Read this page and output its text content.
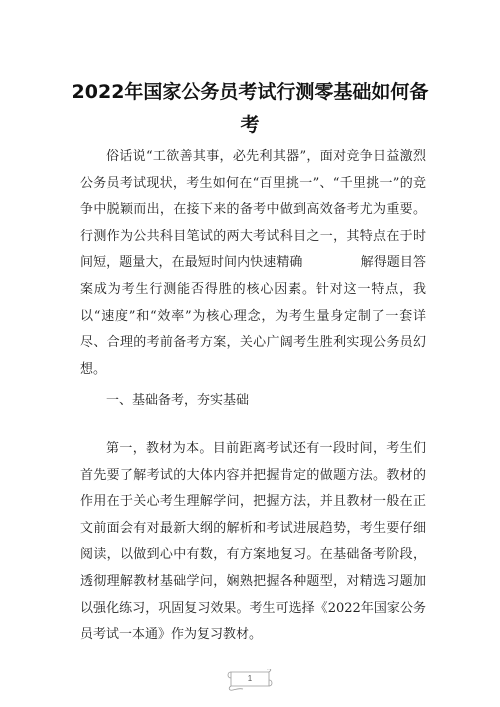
2022年国家公务员考试行测零基础如何备考

俗话说“工欲善其事，必先利其器”，面对竞争日益激烈公务员考试现状，考生如何在“百里挑一”、“千里挑一”的竞争中脱颖而出，在接下来的备考中做到高效备考尤为重要。行测作为公共科目笔试的两大考试科目之一，其特点在于时间短，题量大，在最短时间内快速精确	解得题目答案成为考生行测能否得胜的核心因素。针对这一特点，我以“速度”和“效率”为核心理念，为考生量身定制了一套详尽、合理的考前备考方案，关心广阔考生胜利实现公务员幻想。

一、基础备考，夯实基础

第一，教材为本。目前距离考试还有一段时间，考生们首先要了解考试的大体内容并把握肯定的做题方法。教材的作用在于关心考生理解学问，把握方法，并且教材一般在正文前面会有对最新大纲的解析和考试进展趋势，考生要仔细阅读，以做到心中有数，有方案地复习。在基础备考阶段，透彻理解教材基础学问，娴熟把握各种题型，对精选习题加以强化练习，巩固复习效果。考生可选择《2022年国家公务员考试一本通》作为复习教材。

1
